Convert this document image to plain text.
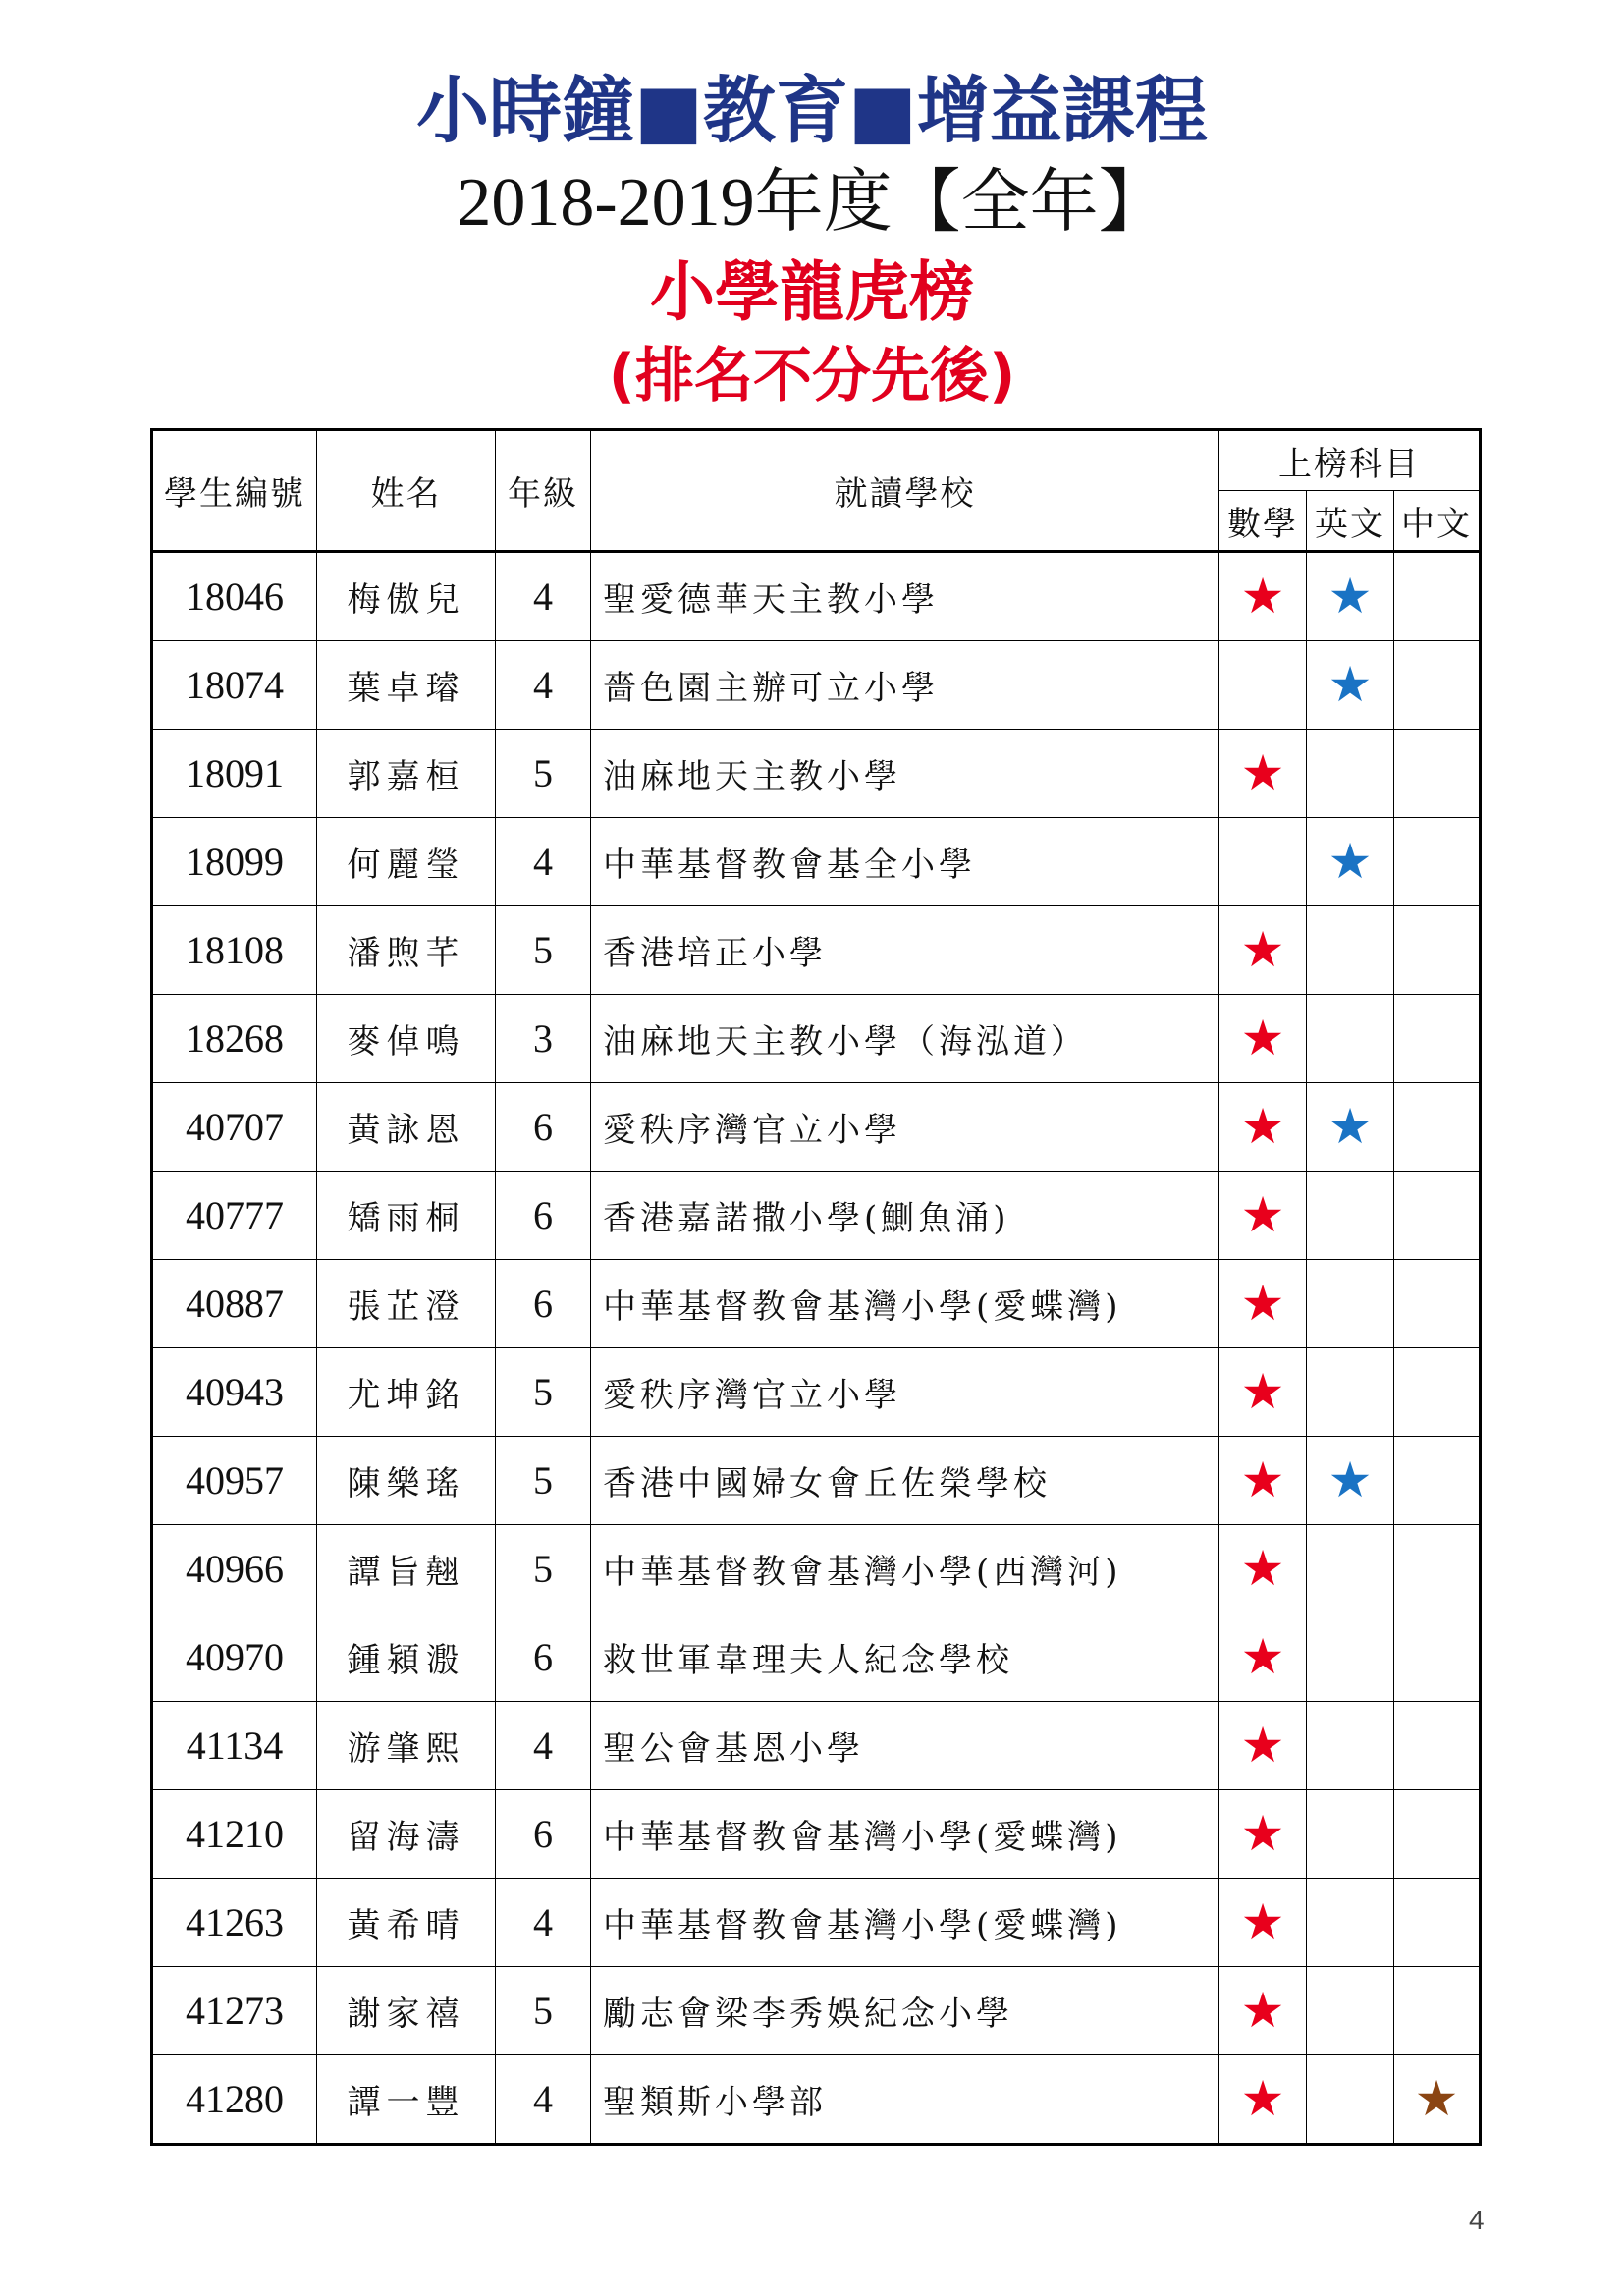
小時鐘■教育■增益課程
2018-2019年度【全年】
小學龍虎榜
(排名不分先後)
學生編號	姓名	年級	就讀學校	上榜科目		
				數學	英文	中文
18046	梅傲兒	4	聖愛德華天主教小學	★	★	
18074	葉卓璿	4	嗇色園主辦可立小學		★	
18091	郭嘉桓	5	油麻地天主教小學	★		
18099	何麗瑩	4	中華基督教會基全小學		★	
18108	潘煦芊	5	香港培正小學	★		
18268	麥倬鳴	3	油麻地天主教小學（海泓道）	★		
40707	黃詠恩	6	愛秩序灣官立小學	★	★	
40777	矯雨桐	6	香港嘉諾撒小學(鰂魚涌)	★		
40887	張芷澄	6	中華基督教會基灣小學(愛蝶灣)	★		
40943	尤坤銘	5	愛秩序灣官立小學	★		
40957	陳樂瑤	5	香港中國婦女會丘佐榮學校	★	★	
40966	譚旨翹	5	中華基督教會基灣小學(西灣河)	★		
40970	鍾潁溵	6	救世軍韋理夫人紀念學校	★		
41134	游肇熙	4	聖公會基恩小學	★		
41210	留海濤	6	中華基督教會基灣小學(愛蝶灣)	★		
41263	黃希晴	4	中華基督教會基灣小學(愛蝶灣)	★		
41273	謝家禧	5	勵志會梁李秀娛紀念小學	★		
41280	譚一豐	4	聖類斯小學部	★		★
4
